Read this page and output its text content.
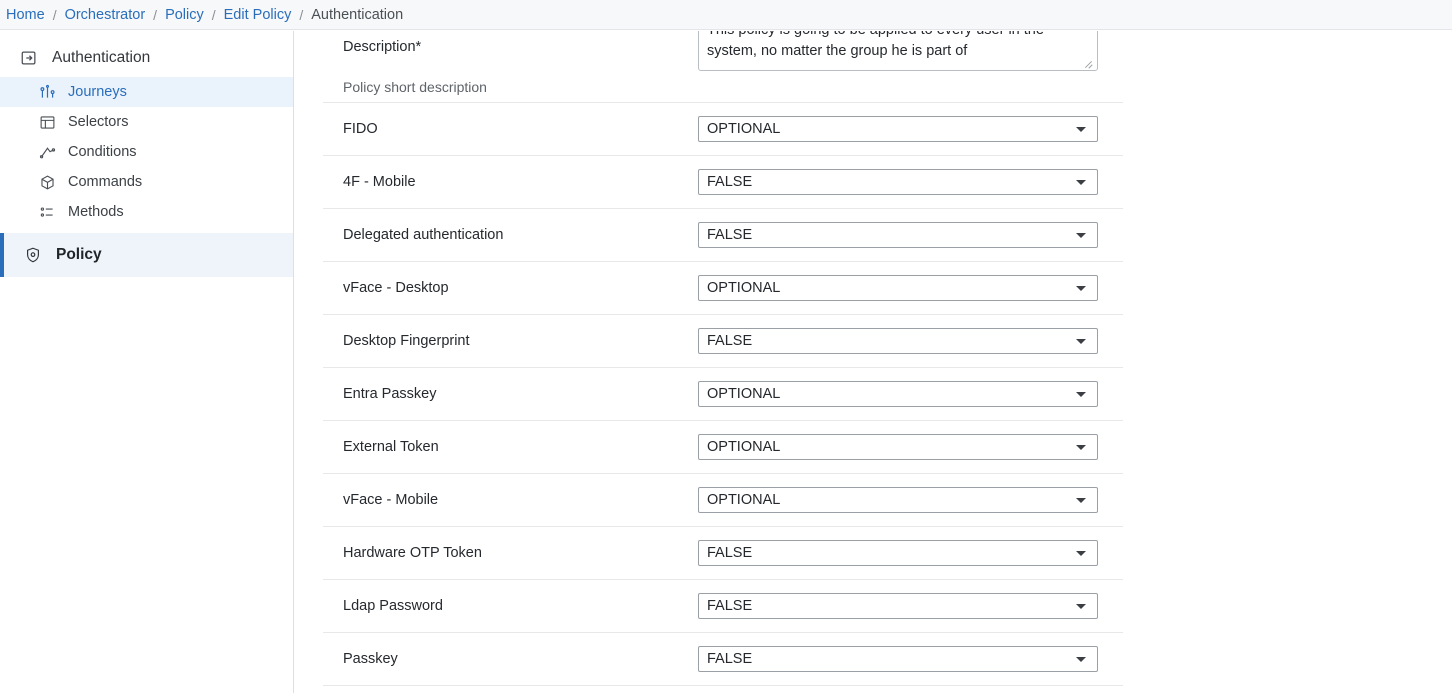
Home / Orchestrator / Policy / Edit Policy / Authentication
Authentication
Journeys
Selectors
Conditions
Commands
Methods
Policy
Description*
This policy is going to be applied to every user in the system, no matter the group he is part of
Policy short description
FIDO
OPTIONAL
4F - Mobile
FALSE
Delegated authentication
FALSE
vFace - Desktop
OPTIONAL
Desktop Fingerprint
FALSE
Entra Passkey
OPTIONAL
External Token
OPTIONAL
vFace - Mobile
OPTIONAL
Hardware OTP Token
FALSE
Ldap Password
FALSE
Passkey
FALSE
